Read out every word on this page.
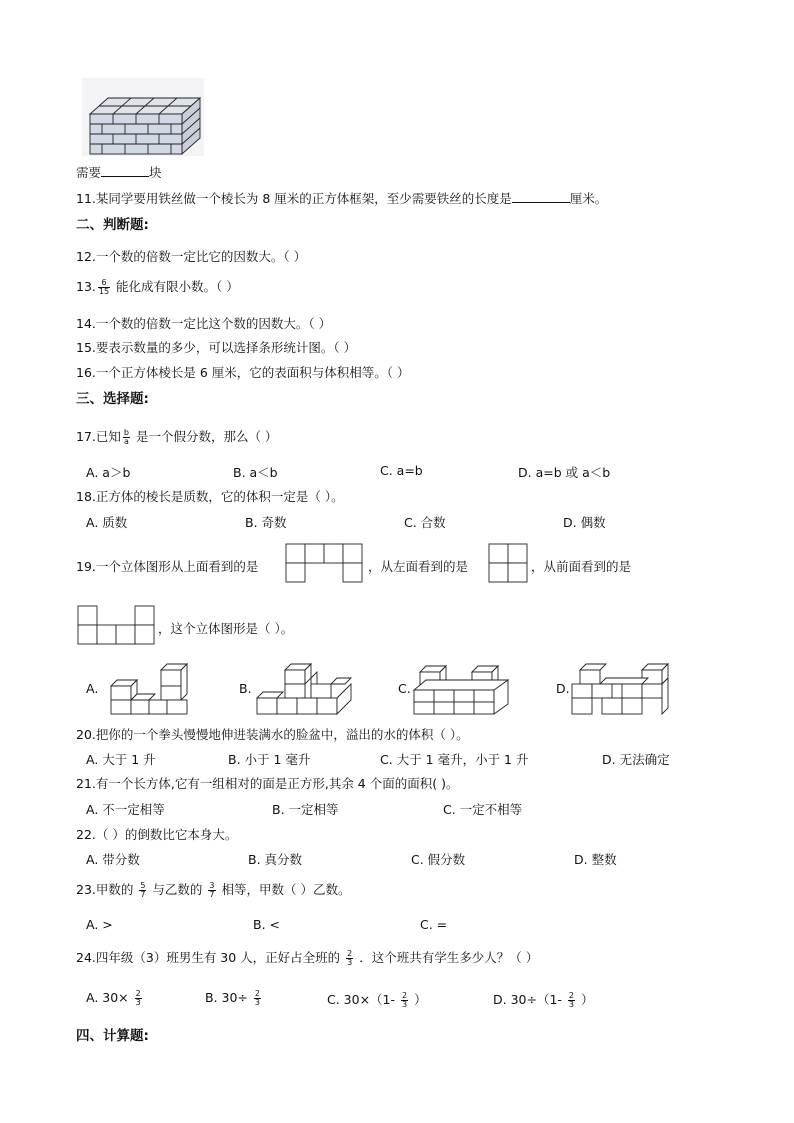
需要	块
11.某同学要用铁丝做一个棱长为 8 厘米的正方体框架，至少需要铁丝的长度是	厘米。
二、判断题:
12.一个数的倍数一定比它的因数大。（ ）
13. $\frac{6}{15}$ 能化成有限小数。（ ）
14.一个数的倍数一定比这个数的因数大。（ ）
15.要表示数量的多少，可以选择条形统计图。（ ）
16.一个正方体棱长是 6 厘米，它的表面积与体积相等。（ ）
三、选择题:
17.已知 $\frac{b}{a}$ 是一个假分数，那么（ ）
A. a＞b	B. a＜b	C. a=b	D. a=b 或 a＜b
18.正方体的棱长是质数，它的体积一定是（ ）。
A. 质数	B. 奇数	C. 合数	D. 偶数
19.一个立体图形从上面看到的是	，从左面看到的是	，从前面看到的是
，这个立体图形是（ ）。
A.	B.	C.	D.
20.把你的一个拳头慢慢地伸进装满水的脸盆中，溢出的水的体积（ ）。
A. 大于 1 升	B. 小于 1 毫升	C. 大于 1 毫升，小于 1 升	D. 无法确定
21.有一个长方体,它有一组相对的面是正方形,其余 4 个面的面积( )。
A. 不一定相等	B. 一定相等	C. 一定不相等
22.（ ）的倒数比它本身大。
A. 带分数	B. 真分数	C. 假分数	D. 整数
23.甲数的 $\frac{5}{7}$ 与乙数的 $\frac{3}{7}$ 相等，甲数（ ）乙数。
A. >	B. <	C. =
24.四年级（3）班男生有 30 人，正好占全班的 $\frac{2}{3}$ ．这个班共有学生多少人？（ ）
A. $30\times \frac{2}{3}$	B. $30\div \frac{2}{3}$	C. $30\times(1- \frac{2}{3}$ ）	D. $30\div(1- \frac{2}{3}$ ）
四、计算题:
